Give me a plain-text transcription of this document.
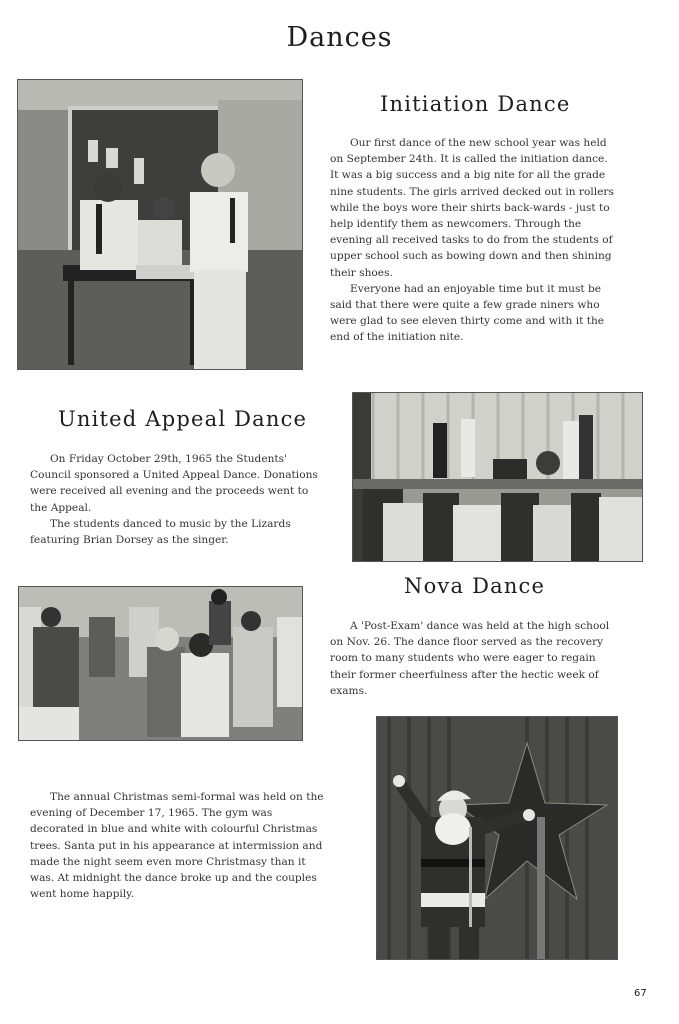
Dances
Initiation Dance

Our first dance of the new school year was held on September 24th. It is called the initiation dance. It was a big success and a big nite for all the grade nine students. The girls arrived decked out in rollers while the boys wore their shirts back-wards - just to help identify them as newcomers. Through the evening all received tasks to do from the students of upper school such as bowing down and then shining their shoes.

Everyone had an enjoyable time but it must be said that there were quite a few grade niners who were glad to see eleven thirty come and with it the end of the initiation nite.

United Appeal Dance

On Friday October 29th, 1965 the Students' Council sponsored a United Appeal Dance. Donations were received all evening and the proceeds went to the Appeal.

The students danced to music by the Lizards featuring Brian Dorsey as the singer.

Nova Dance

A 'Post-Exam' dance was held at the high school on Nov. 26. The dance floor served as the recovery room to many students who were eager to regain their former cheerfulness after the hectic week of exams.

The annual Christmas semi-formal was held on the evening of December 17, 1965. The gym was decorated in blue and white with colourful Christmas trees. Santa put in his appearance at intermission and made the night seem even more Christmasy than it was. At midnight the dance broke up and the couples went home happily.

67
